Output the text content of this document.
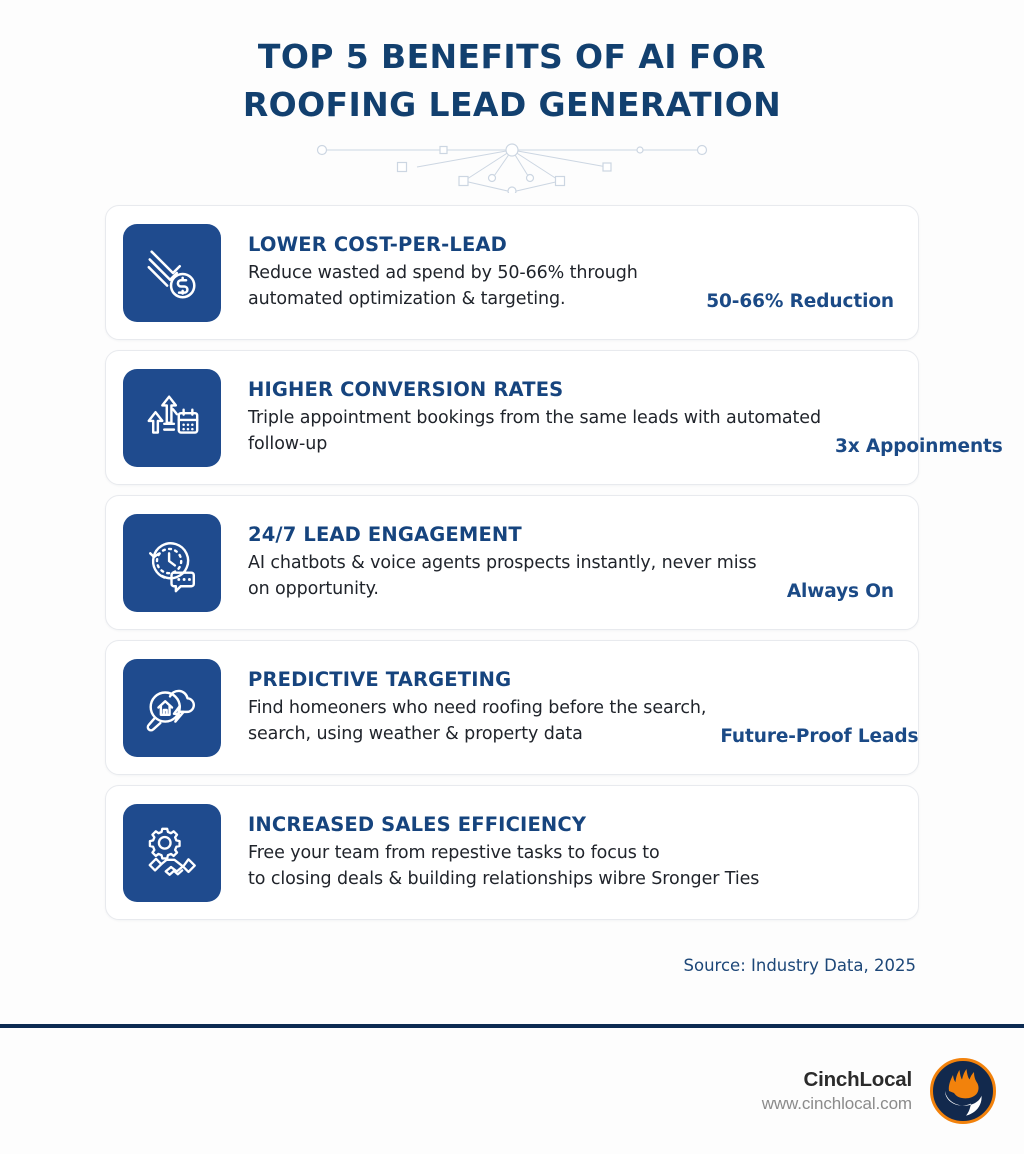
TOP 5 BENEFITS OF AI FOR
ROOFING LEAD GENERATION
LOWER COST-PER-LEAD
Reduce wasted ad spend by 50-66% through
automated optimization & targeting.	50-66% Reduction
HIGHER CONVERSION RATES
Triple appointment bookings from the same leads with automated
follow-up	3x Appoinments
24/7 LEAD ENGAGEMENT
AI chatbots & voice agents prospects instantly, never miss
on opportunity.	Always On
PREDICTIVE TARGETING
Find homeoners who need roofing before the search,
search, using weather & property data	Future-Proof Leads
INCREASED SALES EFFICIENCY
Free your team from repestive tasks to focus to
to closing deals & building relationships wibre Sronger Ties
Source: Industry Data, 2025
CinchLocal
www.cinchlocal.com
